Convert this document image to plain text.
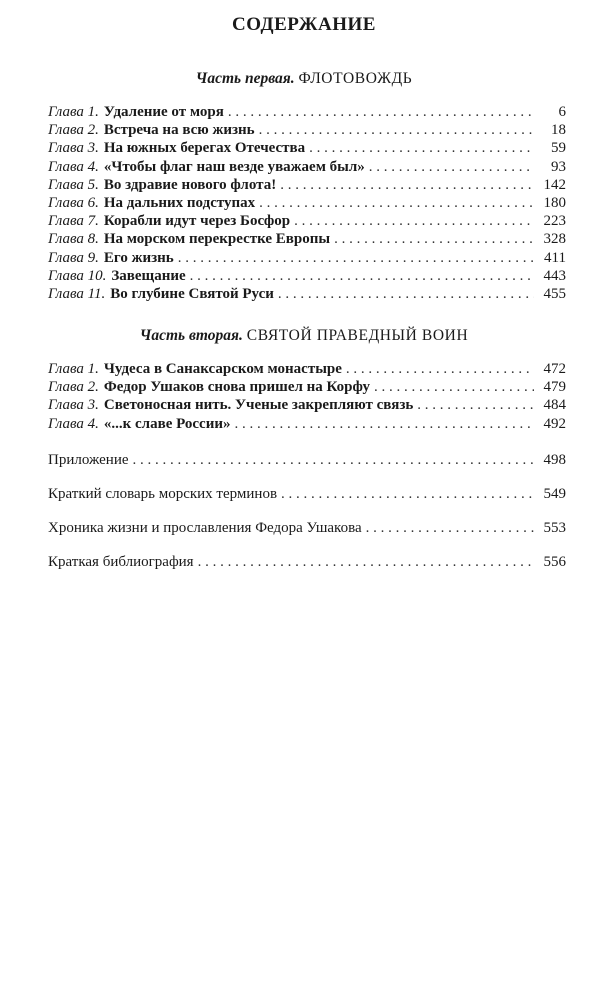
СОДЕРЖАНИЕ
Часть первая. ФЛОТОВОЖДЬ
Глава 1. Удаление от моря . . .	6
Глава 2. Встреча на всю жизнь . . .	18
Глава 3. На южных берегах Отечества . . .	59
Глава 4. «Чтобы флаг наш везде уважаем был» . . .	93
Глава 5. Во здравие нового флота! . . .	142
Глава 6. На дальних подступах . . .	180
Глава 7. Корабли идут через Босфор . . .	223
Глава 8. На морском перекрестке Европы . . .	328
Глава 9. Его жизнь . . .	411
Глава 10. Завещание . . .	443
Глава 11. Во глубине Святой Руси . . .	455
Часть вторая. СВЯТОЙ ПРАВЕДНЫЙ ВОИН
Глава 1. Чудеса в Санаксарском монастыре . . .	472
Глава 2. Федор Ушаков снова пришел на Корфу . . .	479
Глава 3. Светоносная нить. Ученые закрепляют связь . . .	484
Глава 4. «...к славе России» . . .	492
Приложение . . .	498
Краткий словарь морских терминов . . .	549
Хроника жизни и прославления Федора Ушакова . . .	553
Краткая библиография . . .	556
